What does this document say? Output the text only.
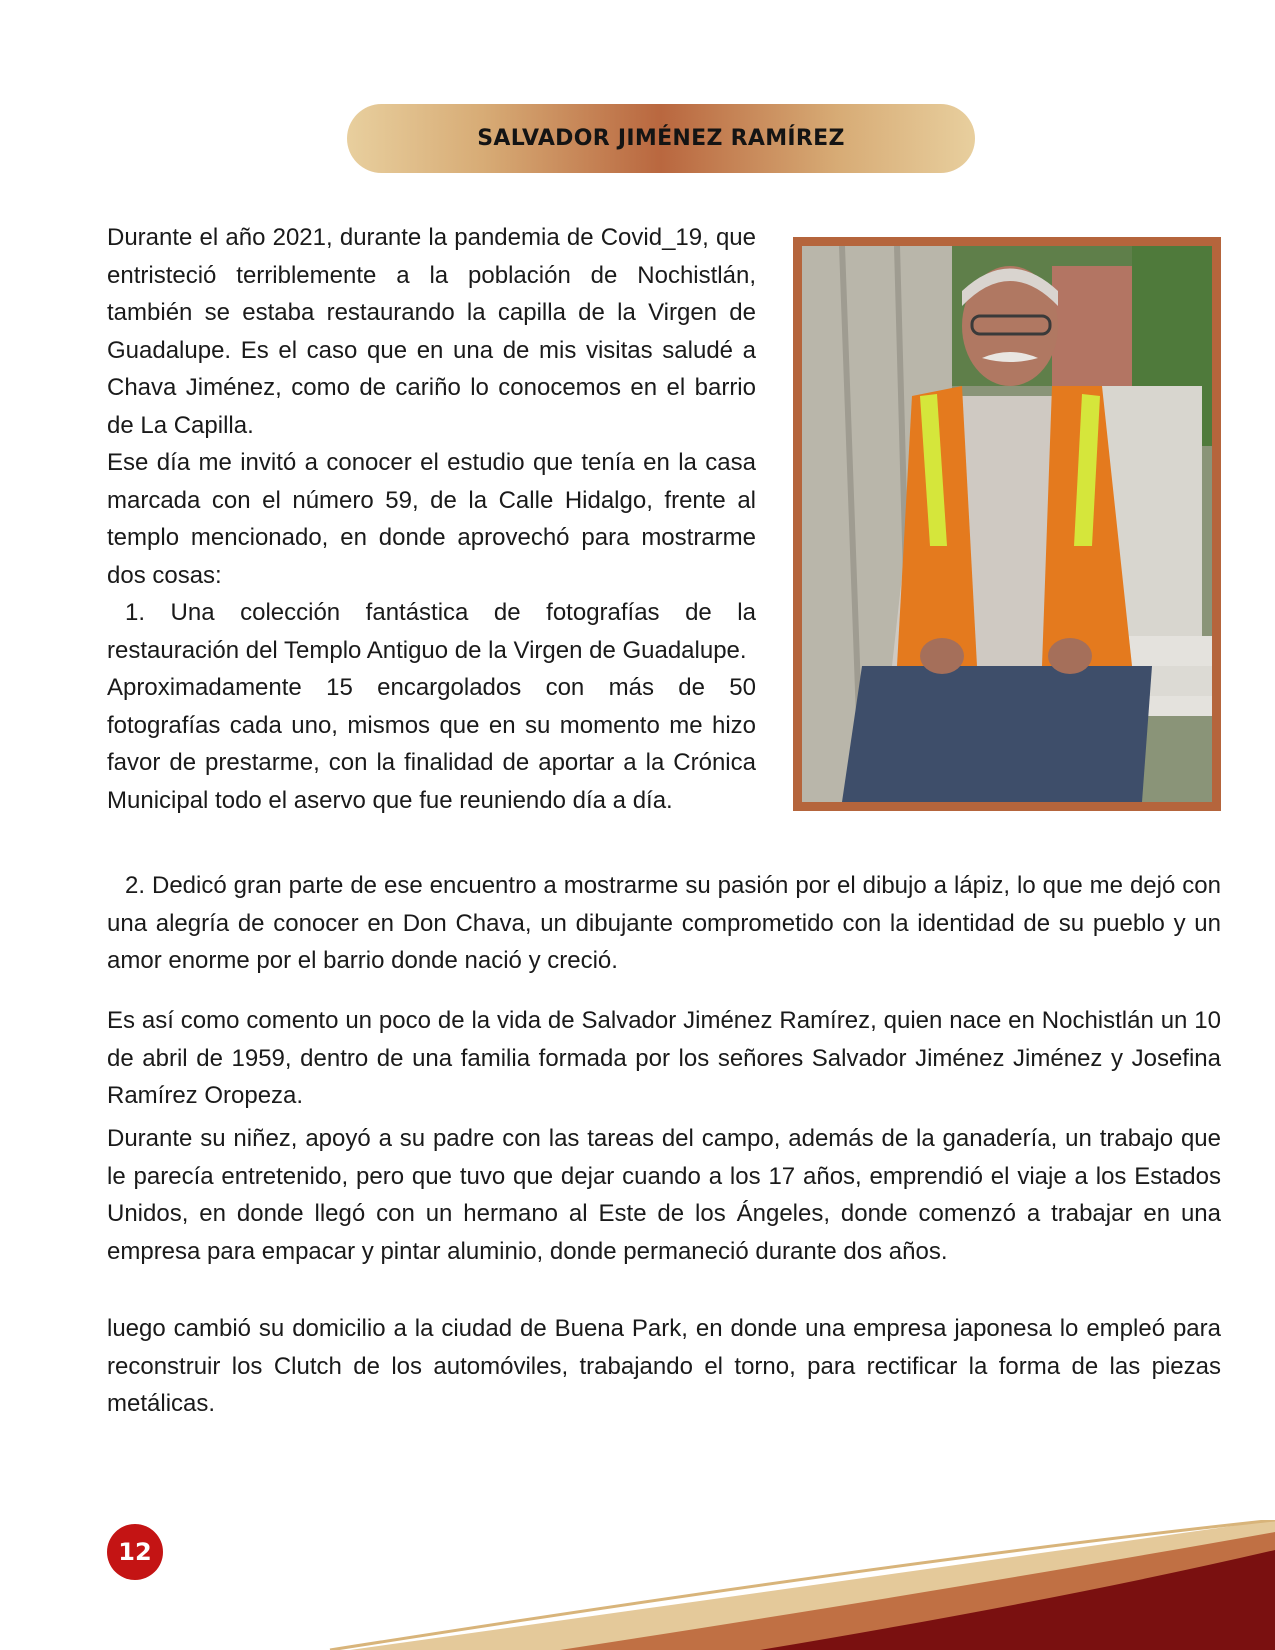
SALVADOR JIMÉNEZ RAMÍREZ

Durante el año 2021, durante la pandemia de Covid_19, que entristeció terriblemente a la población de Nochistlán, también se estaba restaurando la capilla de la Virgen de Guadalupe. Es el caso que en una de mis visitas saludé a Chava Jiménez, como de cariño lo conocemos en el barrio de La Capilla.

Ese día me invitó a conocer el estudio que tenía en la casa marcada con el número 59, de la Calle Hidalgo, frente al templo mencionado, en donde aprovechó para mostrarme dos cosas:

1. Una colección fantástica de fotografías de la restauración del Templo Antiguo de la Virgen de Guadalupe.

Aproximadamente 15 encargolados con más de 50 fotografías cada uno, mismos que en su momento me hizo favor de prestarme, con la finalidad de aportar a la Crónica Municipal todo el aservo que fue reuniendo día a día.

2. Dedicó gran parte de ese encuentro a mostrarme su pasión por el dibujo a lápiz, lo que me dejó con una alegría de conocer en Don Chava, un dibujante comprometido con la identidad de su pueblo y un amor enorme por el barrio donde nació y creció.

Es así como comento un poco de la vida de Salvador Jiménez Ramírez, quien nace en Nochistlán un 10 de abril de 1959, dentro de una familia formada por los señores Salvador Jiménez Jiménez y Josefina Ramírez Oropeza.

Durante su niñez, apoyó a su padre con las tareas del campo, además de la ganadería, un trabajo que le parecía entretenido, pero que tuvo que dejar cuando a los 17 años, emprendió el viaje a los Estados Unidos, en donde llegó con un hermano al Este de los Ángeles, donde comenzó a trabajar en una empresa para empacar y pintar aluminio, donde permaneció durante dos años.

luego cambió su domicilio a la ciudad de Buena Park, en donde una empresa japonesa lo empleó para reconstruir los Clutch de los automóviles, trabajando el torno, para rectificar la forma de las piezas metálicas.

12
